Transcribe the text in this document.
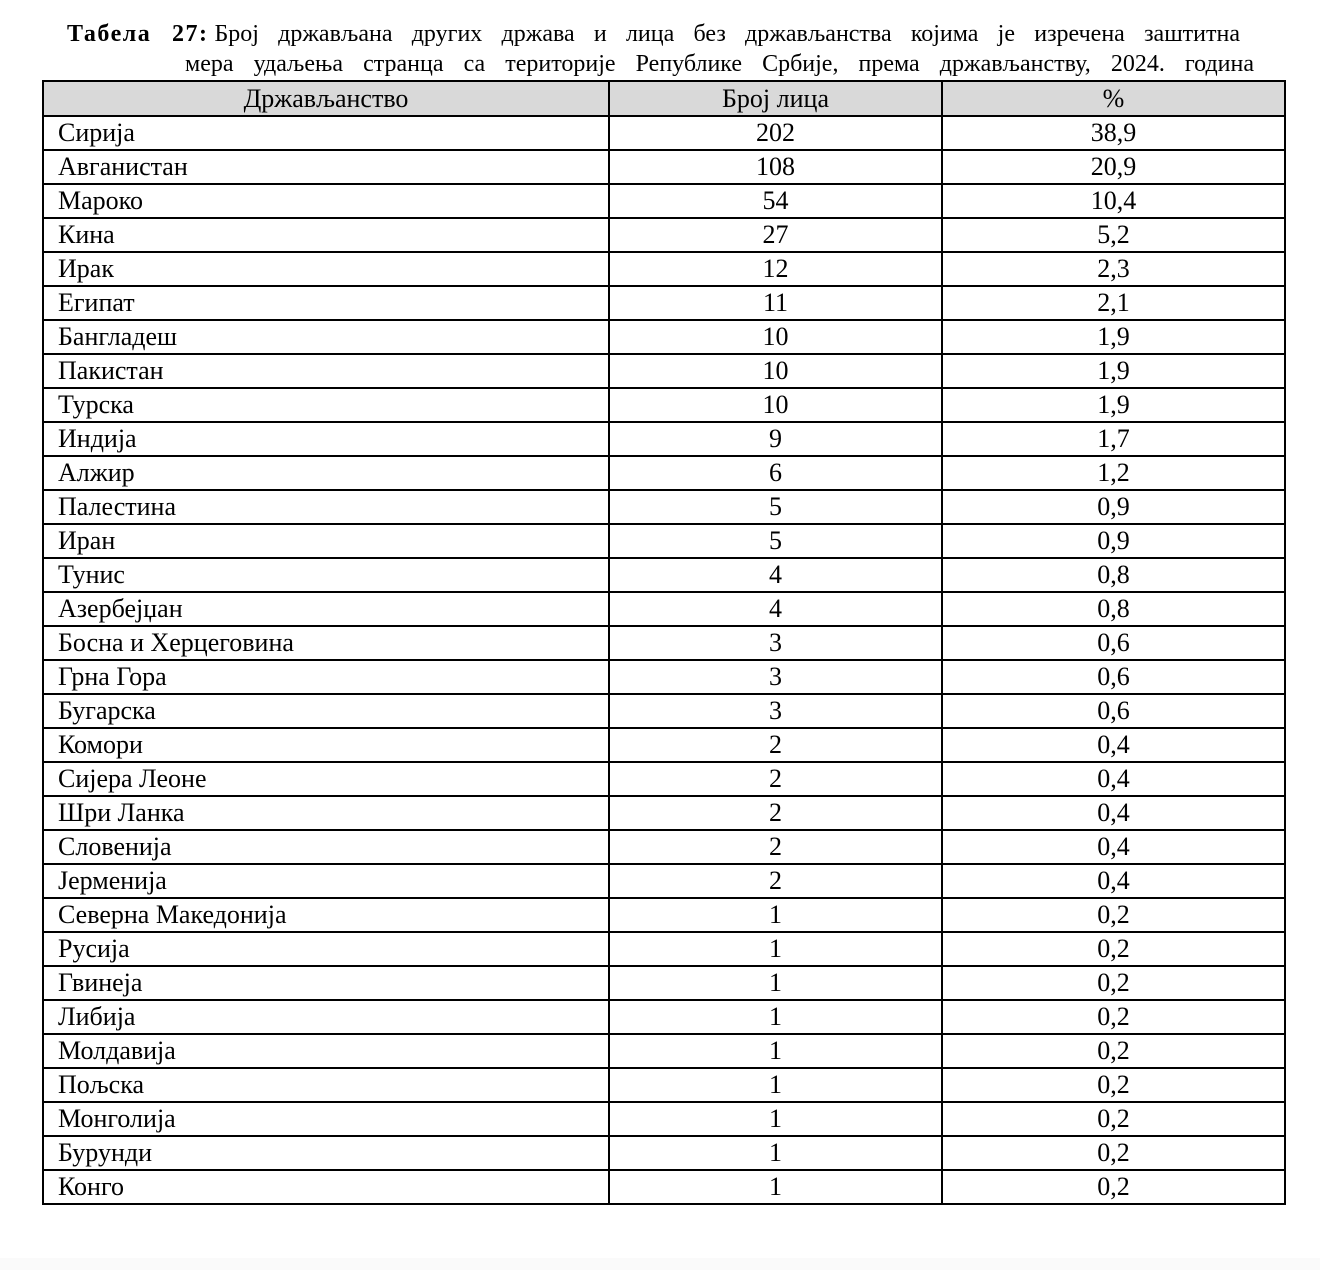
Табела 27: Број држављана других држава и лица без држављанства којима је изречена заштитна
мера удаљења странца са територије Републике Србије, према држављанству, 2024. година
Држављанство	Број лица	%
Сирија	202	38,9
Авганистан	108	20,9
Мароко	54	10,4
Кина	27	5,2
Ирак	12	2,3
Египат	11	2,1
Бангладеш	10	1,9
Пакистан	10	1,9
Турска	10	1,9
Индија	9	1,7
Алжир	6	1,2
Палестина	5	0,9
Иран	5	0,9
Тунис	4	0,8
Азербејџан	4	0,8
Босна и Херцеговина	3	0,6
Грна Гора	3	0,6
Бугарска	3	0,6
Комори	2	0,4
Сијера Леоне	2	0,4
Шри Ланка	2	0,4
Словенија	2	0,4
Јерменија	2	0,4
Северна Македонија	1	0,2
Русија	1	0,2
Гвинеја	1	0,2
Либија	1	0,2
Молдавија	1	0,2
Пољска	1	0,2
Монголија	1	0,2
Бурунди	1	0,2
Конго	1	0,2
